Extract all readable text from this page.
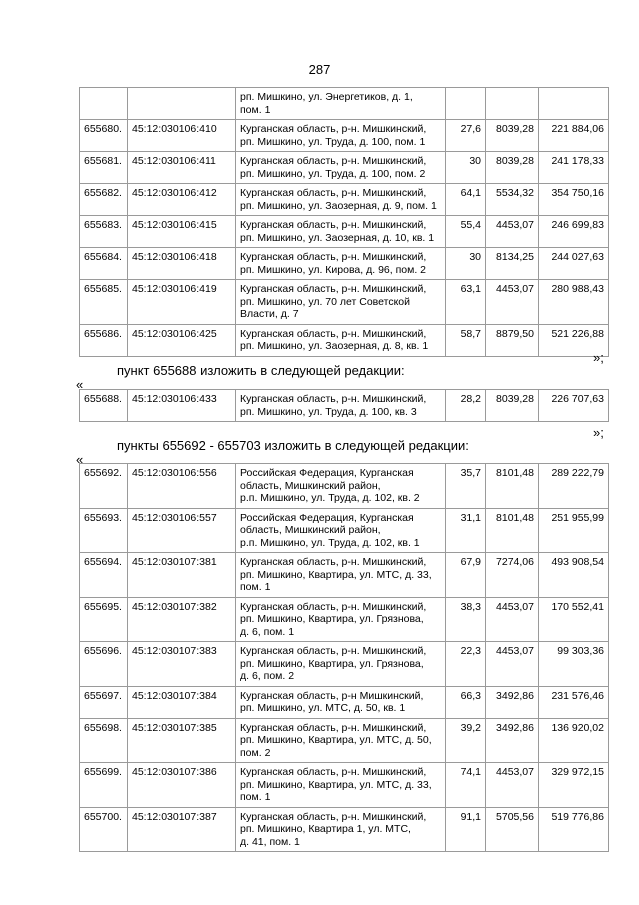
287
		рп. Мишкино, ул. Энергетиков, д. 1,
пом. 1			
655680.	45:12:030106:410	Курганская область, р-н. Мишкинский,
рп. Мишкино, ул. Труда, д. 100, пом. 1	27,6	8039,28	221 884,06
655681.	45:12:030106:411	Курганская область, р-н. Мишкинский,
рп. Мишкино, ул. Труда, д. 100, пом. 2	30	8039,28	241 178,33
655682.	45:12:030106:412	Курганская область, р-н. Мишкинский,
рп. Мишкино, ул. Заозерная, д. 9, пом. 1	64,1	5534,32	354 750,16
655683.	45:12:030106:415	Курганская область, р-н. Мишкинский,
рп. Мишкино, ул. Заозерная, д. 10, кв. 1	55,4	4453,07	246 699,83
655684.	45:12:030106:418	Курганская область, р-н. Мишкинский,
рп. Мишкино, ул. Кирова, д. 96, пом. 2	30	8134,25	244 027,63
655685.	45:12:030106:419	Курганская область, р-н. Мишкинский,
рп. Мишкино, ул. 70 лет Советской
Власти, д. 7	63,1	4453,07	280 988,43
655686.	45:12:030106:425	Курганская область, р-н. Мишкинский,
рп. Мишкино, ул. Заозерная, д. 8, кв. 1	58,7	8879,50	521 226,88
»;
пункт 655688 изложить в следующей редакции:
«
655688.	45:12:030106:433	Курганская область, р-н. Мишкинский,
рп. Мишкино, ул. Труда, д. 100, кв. 3	28,2	8039,28	226 707,63
»;
пункты 655692 - 655703 изложить в следующей редакции:
«
655692.	45:12:030106:556	Российская Федерация, Курганская
область, Мишкинский район,
р.п. Мишкино, ул. Труда, д. 102, кв. 2	35,7	8101,48	289 222,79
655693.	45:12:030106:557	Российская Федерация, Курганская
область, Мишкинский район,
р.п. Мишкино, ул. Труда, д. 102, кв. 1	31,1	8101,48	251 955,99
655694.	45:12:030107:381	Курганская область, р-н. Мишкинский,
рп. Мишкино, Квартира, ул. МТС, д. 33,
пом. 1	67,9	7274,06	493 908,54
655695.	45:12:030107:382	Курганская область, р-н. Мишкинский,
рп. Мишкино, Квартира, ул. Грязнова,
д. 6, пом. 1	38,3	4453,07	170 552,41
655696.	45:12:030107:383	Курганская область, р-н. Мишкинский,
рп. Мишкино, Квартира, ул. Грязнова,
д. 6, пом. 2	22,3	4453,07	99 303,36
655697.	45:12:030107:384	Курганская область, р-н Мишкинский,
рп. Мишкино, ул. МТС, д. 50, кв. 1	66,3	3492,86	231 576,46
655698.	45:12:030107:385	Курганская область, р-н. Мишкинский,
рп. Мишкино, Квартира, ул. МТС, д. 50,
пом. 2	39,2	3492,86	136 920,02
655699.	45:12:030107:386	Курганская область, р-н. Мишкинский,
рп. Мишкино, Квартира, ул. МТС, д. 33,
пом. 1	74,1	4453,07	329 972,15
655700.	45:12:030107:387	Курганская область, р-н. Мишкинский,
рп. Мишкино, Квартира 1, ул. МТС,
д. 41, пом. 1	91,1	5705,56	519 776,86
